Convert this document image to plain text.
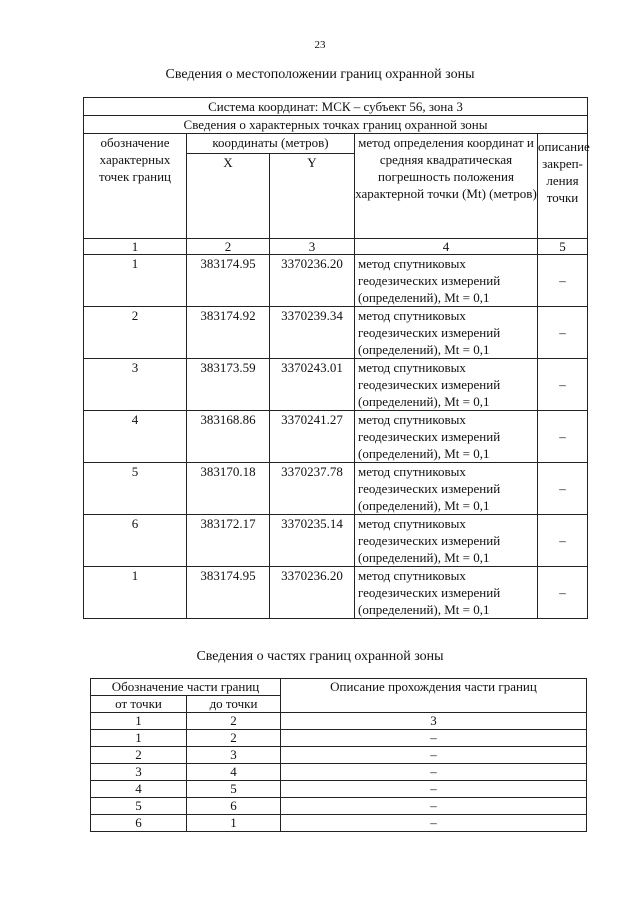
23
Сведения о местоположении границ охранной зоны
Система координат: МСК – субъект 56, зона 3				
Сведения о характерных точках границ охранной зоны				
обозначение характерных точек границ	координаты (метров)		метод определения координат и средняя квадратическая погрешность положения характерной точки (Mt) (метров)	описание закреп-ления точки
	X	Y		
1	2	3	4	5
1	383174.95	3370236.20	метод спутниковых геодезических измерений (определений), Mt = 0,1	–
2	383174.92	3370239.34	метод спутниковых геодезических измерений (определений), Mt = 0,1	–
3	383173.59	3370243.01	метод спутниковых геодезических измерений (определений), Mt = 0,1	–
4	383168.86	3370241.27	метод спутниковых геодезических измерений (определений), Mt = 0,1	–
5	383170.18	3370237.78	метод спутниковых геодезических измерений (определений), Mt = 0,1	–
6	383172.17	3370235.14	метод спутниковых геодезических измерений (определений), Mt = 0,1	–
1	383174.95	3370236.20	метод спутниковых геодезических измерений (определений), Mt = 0,1	–
Сведения о частях границ охранной зоны
Обозначение части границ		Описание прохождения части границ
от точки	до точки	
1	2	3
1	2	–
2	3	–
3	4	–
4	5	–
5	6	–
6	1	–
